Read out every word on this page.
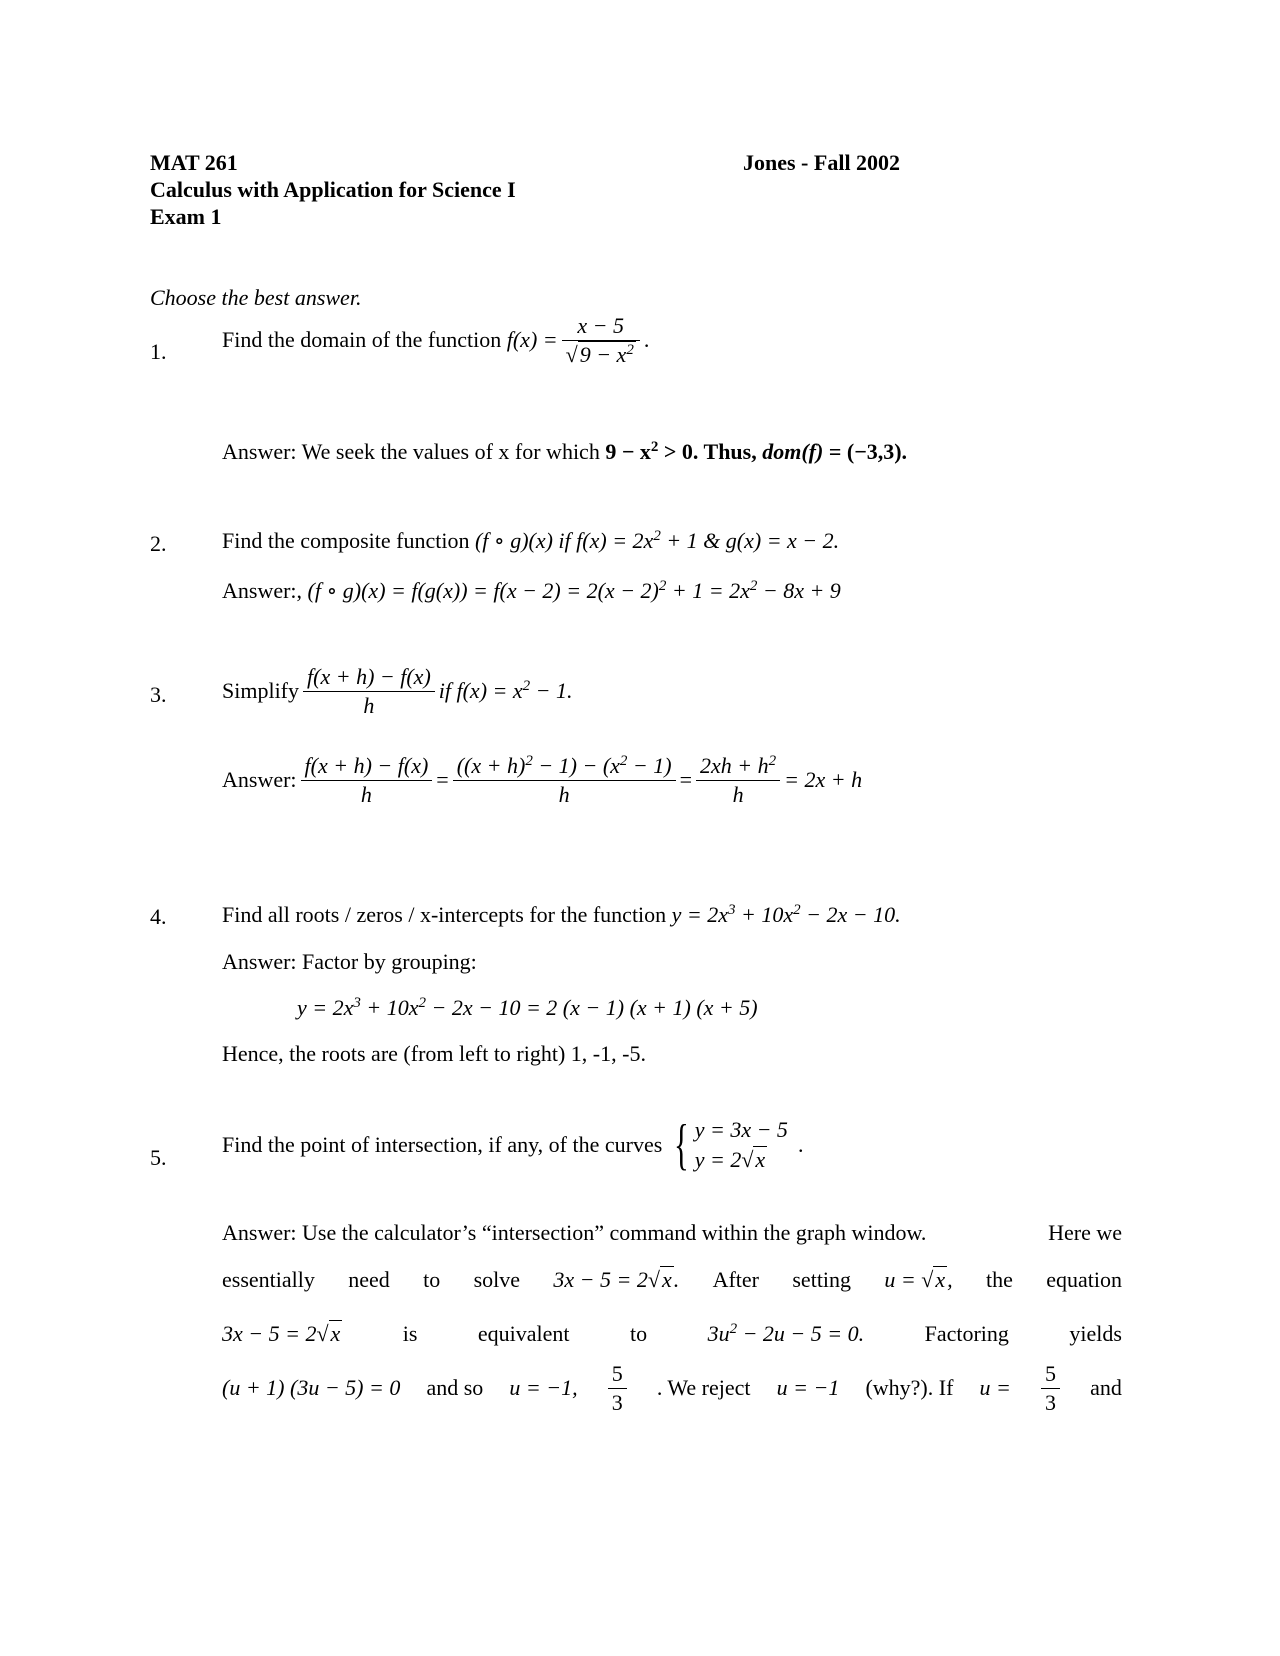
MAT 261	Jones - Fall 2002
Calculus with Application for Science I
Exam 1
Choose the best answer.
1.	Find the domain of the function
$f(x) = \frac{x - 5}{√9 - x^2}$ .
Answer: We seek the values of x for which $9 - x^2 > 0$. Thus, dom(f) = (−3,3).
2.	Find the composite function (f ∘ g)(x) if $f(x) = 2x^2 + 1$ & g(x) = x − 2.
Answer:, (f ∘ $g)(x) = f(g(x)) = f(x - 2) = 2(x - 2)^2 + 1 = 2x^2 - 8x + 9$
3.	Simplify $\frac{f(x + h) - f(x)}{h}$ if $f(x) = x^2 - 1$.
Answer: $\frac{f(x + h) - f(x)}{h} = \frac{((x + h)^2 - 1) - (x^2 - 1)}{h} = \frac{2xh + h^2}{h} = 2x + h$
4.	Find all roots / zeros / x-intercepts for the function $y = 2x^3 + 10x^2 - 2x - 10$.
Answer: Factor by grouping:
$y = 2x^3 + 10x^2 - 2x - 10 = 2$ (x − 1) (x + 1) (x + 5)
Hence, the roots are (from left to right) 1, -1, -5.
5.
Find the point of intersection, if any, of the curves
{ y = 3x − 5
y = 2√x
.
Answer: Use the calculator’s “intersection” command within the graph window.	Here we
essentially need to solve 3x − 5 = 2√x. After setting u = √x, the equation
3x − 5 = 2√x	is	equivalent	to	$3u^2 - 2u - 5 = 0$.	Factoring	yields
(u + 1) (3u − 5) = 0 and so u = −1, $\frac{5}{3}$ . We reject u = −1 (why?). If $u = \frac{5}{3}$ and
